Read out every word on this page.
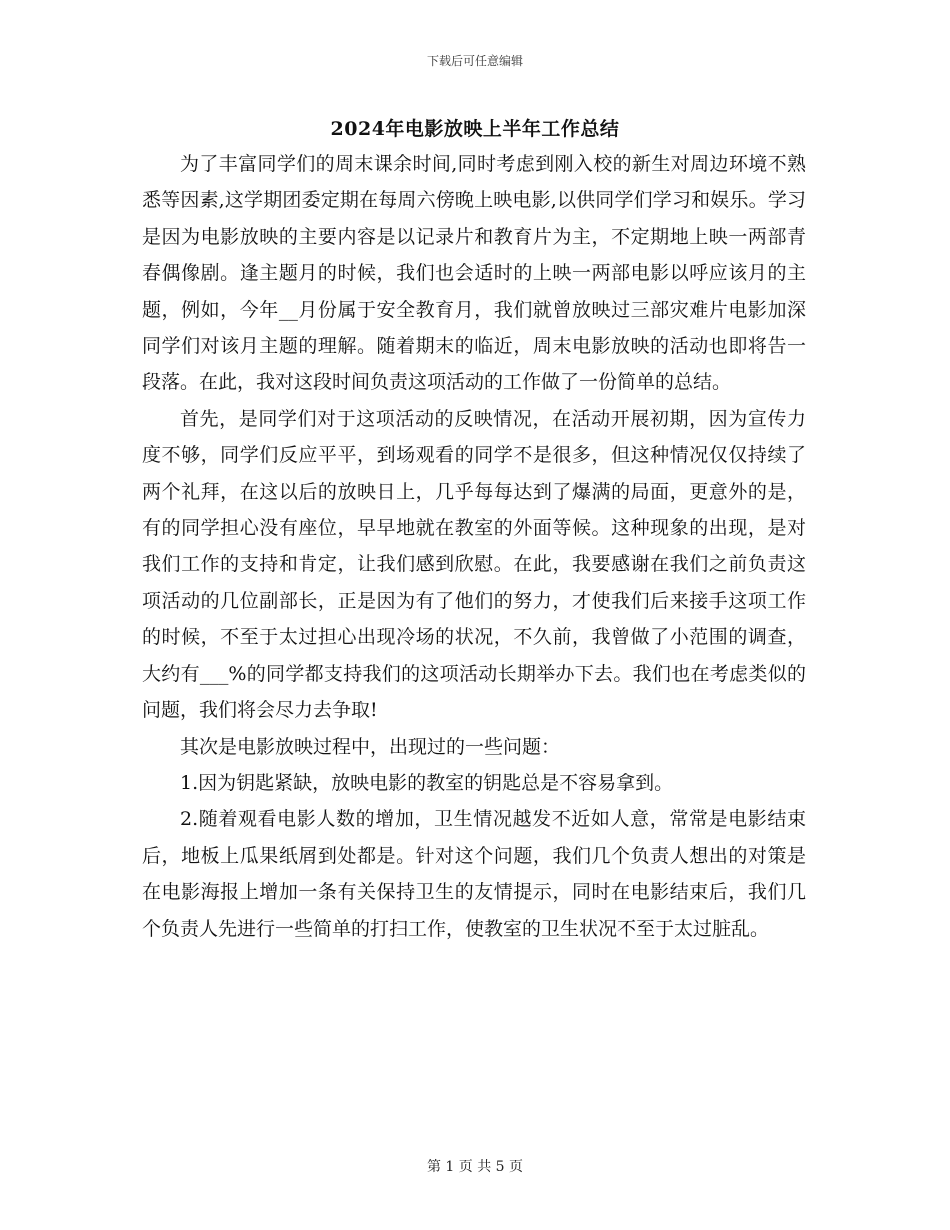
下载后可任意编辑
2024年电影放映上半年工作总结

为了丰富同学们的周末课余时间,同时考虑到刚入校的新生对周边环境不熟悉等因素,这学期团委定期在每周六傍晚上映电影,以供同学们学习和娱乐。学习是因为电影放映的主要内容是以记录片和教育片为主，不定期地上映一两部青春偶像剧。逢主题月的时候，我们也会适时的上映一两部电影以呼应该月的主题，例如，今年__月份属于安全教育月，我们就曾放映过三部灾难片电影加深同学们对该月主题的理解。随着期末的临近，周末电影放映的活动也即将告一段落。在此，我对这段时间负责这项活动的工作做了一份简单的总结。

首先，是同学们对于这项活动的反映情况，在活动开展初期，因为宣传力度不够，同学们反应平平，到场观看的同学不是很多，但这种情况仅仅持续了两个礼拜，在这以后的放映日上，几乎每每达到了爆满的局面，更意外的是，有的同学担心没有座位，早早地就在教室的外面等候。这种现象的出现，是对我们工作的支持和肯定，让我们感到欣慰。在此，我要感谢在我们之前负责这项活动的几位副部长，正是因为有了他们的努力，才使我们后来接手这项工作的时候，不至于太过担心出现冷场的状况，不久前，我曾做了小范围的调查，大约有___%的同学都支持我们的这项活动长期举办下去。我们也在考虑类似的问题，我们将会尽力去争取!

其次是电影放映过程中，出现过的一些问题：

1.因为钥匙紧缺，放映电影的教室的钥匙总是不容易拿到。

2.随着观看电影人数的增加，卫生情况越发不近如人意，常常是电影结束后，地板上瓜果纸屑到处都是。针对这个问题，我们几个负责人想出的对策是在电影海报上增加一条有关保持卫生的友情提示，同时在电影结束后，我们几个负责人先进行一些简单的打扫工作，使教室的卫生状况不至于太过脏乱。

第 1 页 共 5 页
